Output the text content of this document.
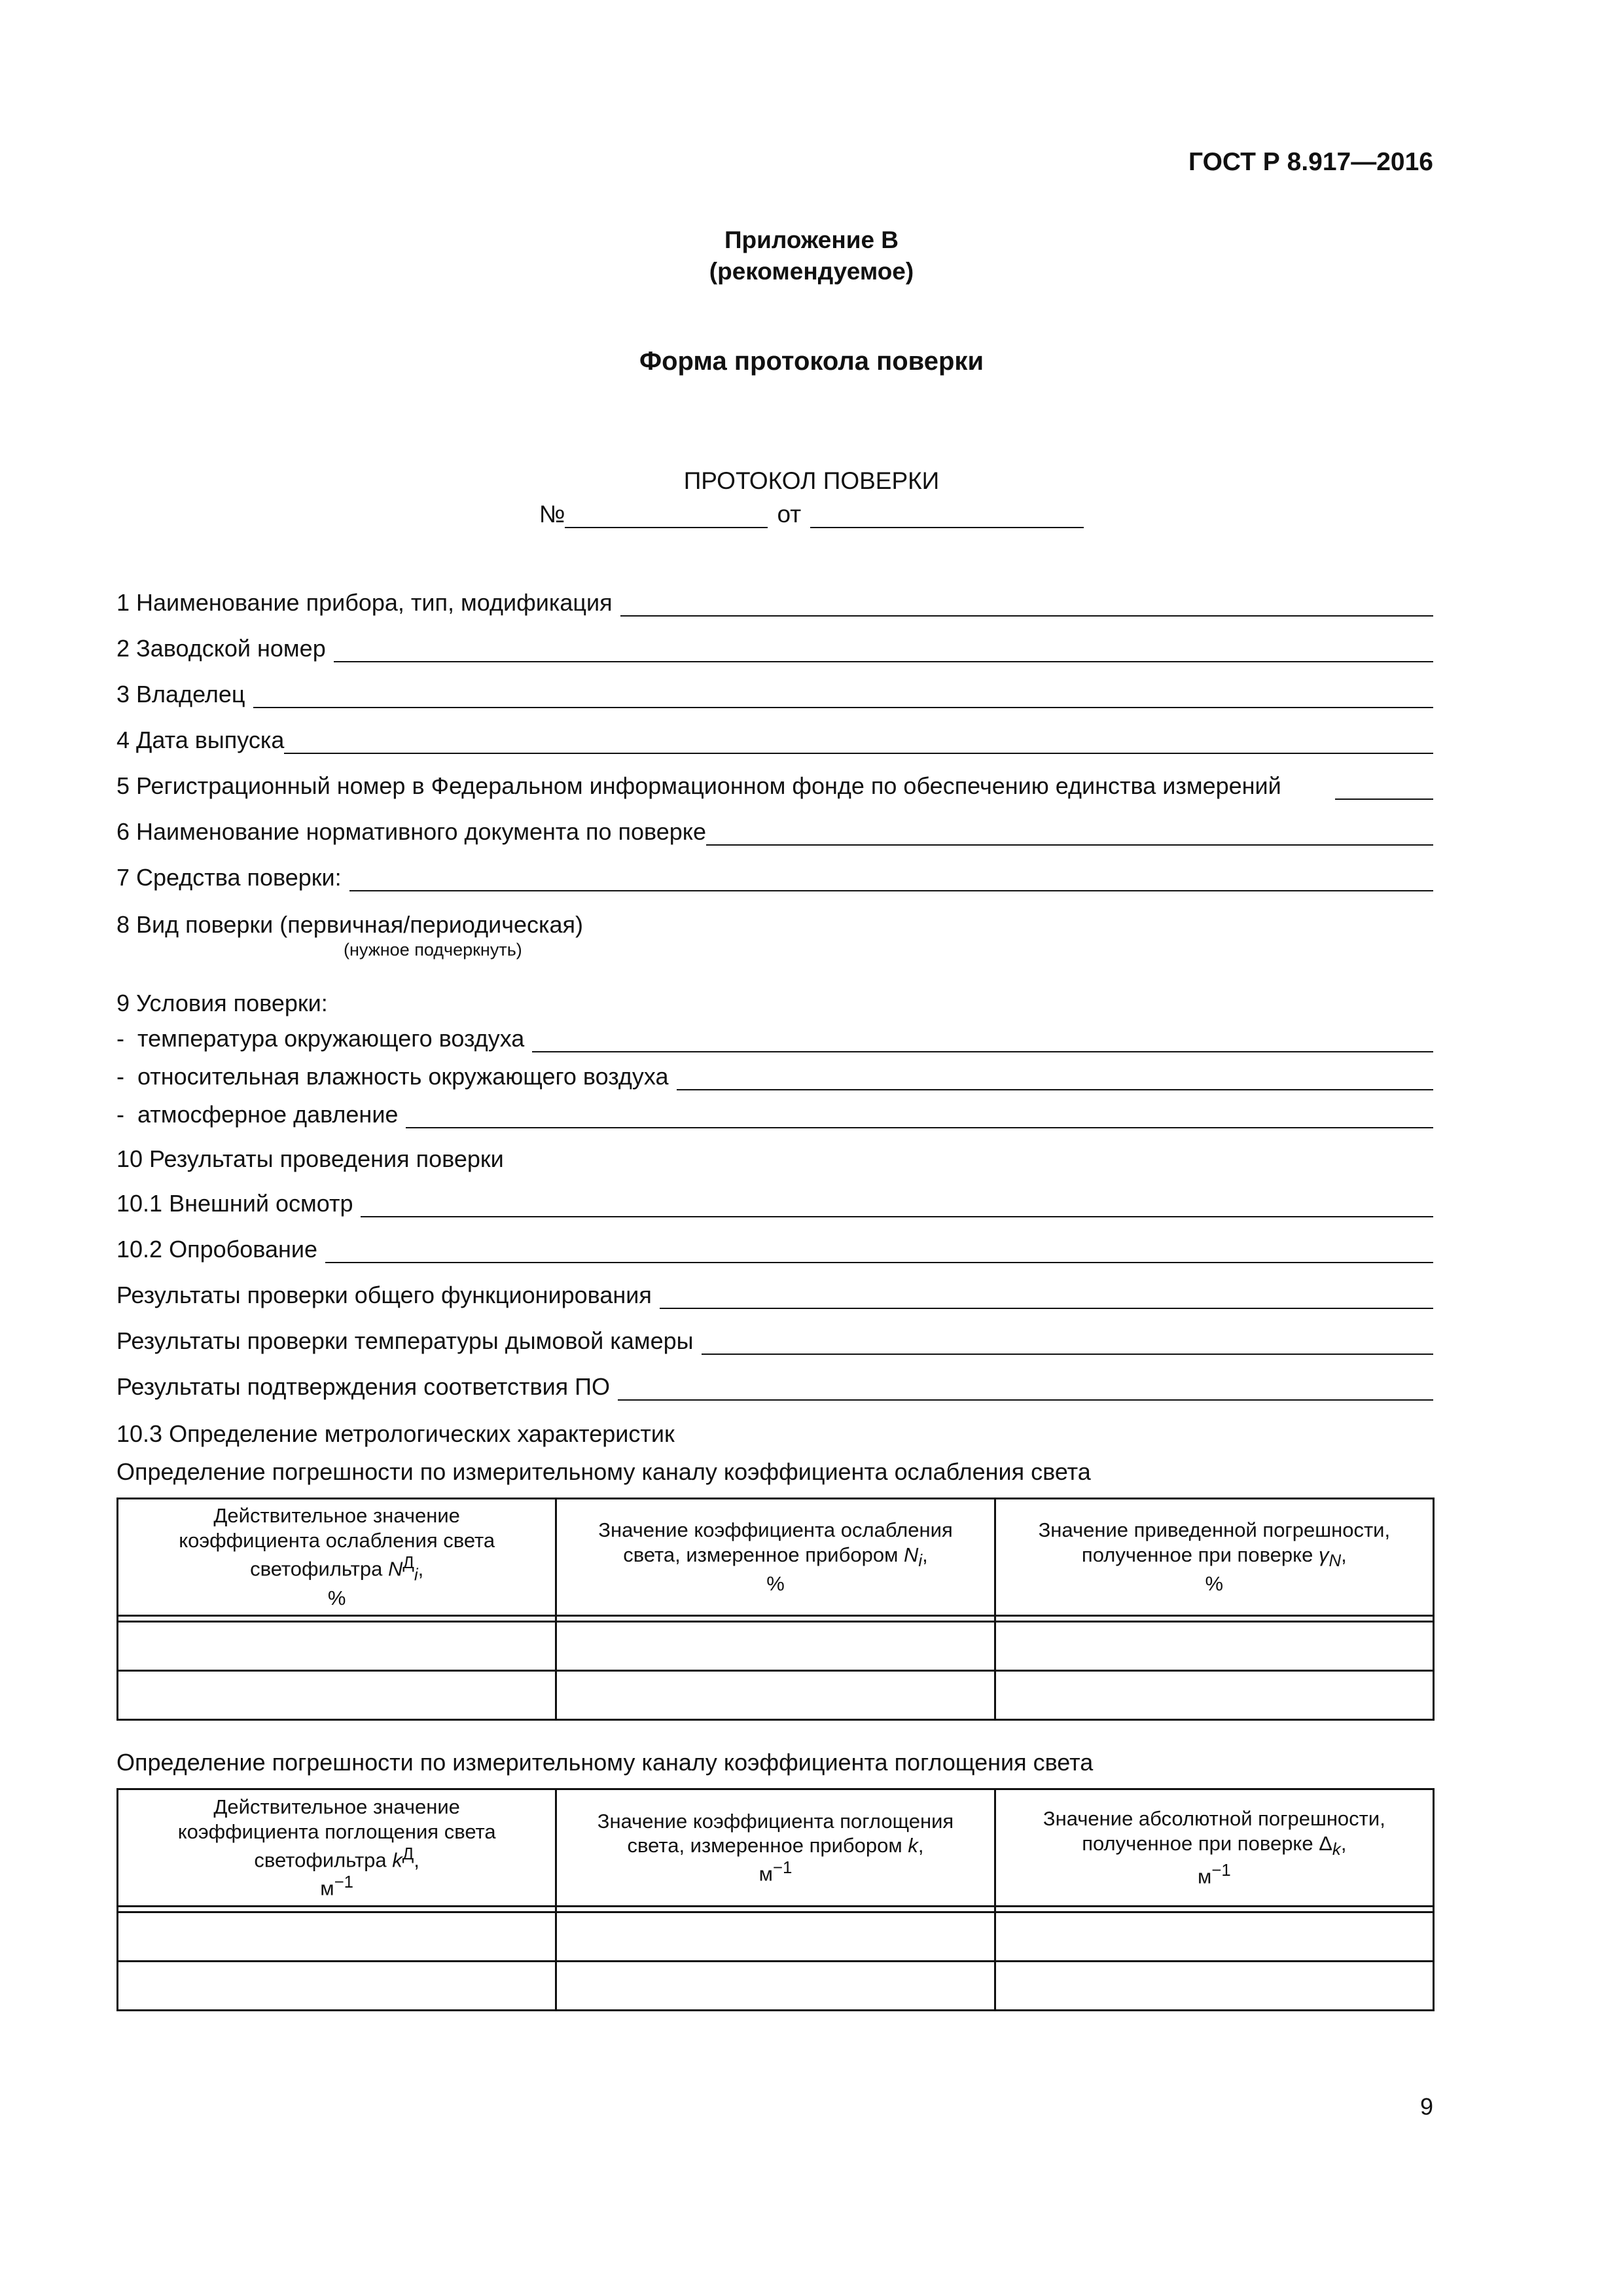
ГОСТ Р 8.917—2016
Приложение В
(рекомендуемое)
Форма протокола поверки
ПРОТОКОЛ ПОВЕРКИ
№	от
1 Наименование прибора, тип, модификация
2 Заводской номер
3 Владелец
4 Дата выпуска
5 Регистрационный номер в Федеральном информационном фонде по обеспечению единства измерений
6 Наименование нормативного документа по поверке
7 Средства поверки:
8 Вид поверки (первичная/периодическая)
(нужное подчеркнуть)
9 Условия поверки:
- температура окружающего воздуха
- относительная влажность окружающего воздуха
- атмосферное давление
10 Результаты проведения поверки
10.1 Внешний осмотр
10.2 Опробование
Результаты проверки общего функционирования
Результаты проверки температуры дымовой камеры
Результаты подтверждения соответствия ПО
10.3 Определение метрологических характеристик
Определение погрешности по измерительному каналу коэффициента ослабления света
Действительное значение
коэффициента ослабления света
светофильтра $N^Д_i$,
%	Значение коэффициента ослабления
света, измеренное прибором $N_i$,
%	Значение приведенной погрешности,
полученное при поверке $\gamma_N$,
%

Определение погрешности по измерительному каналу коэффициента поглощения света
Действительное значение
коэффициента поглощения света
светофильтра $k^Д$,
$м^{-1}$	Значение коэффициента поглощения
света, измеренное прибором k,
$м^{-1}$	Значение абсолютной погрешности,
полученное при поверке $\Delta_k$,
$м^{-1}$

9
